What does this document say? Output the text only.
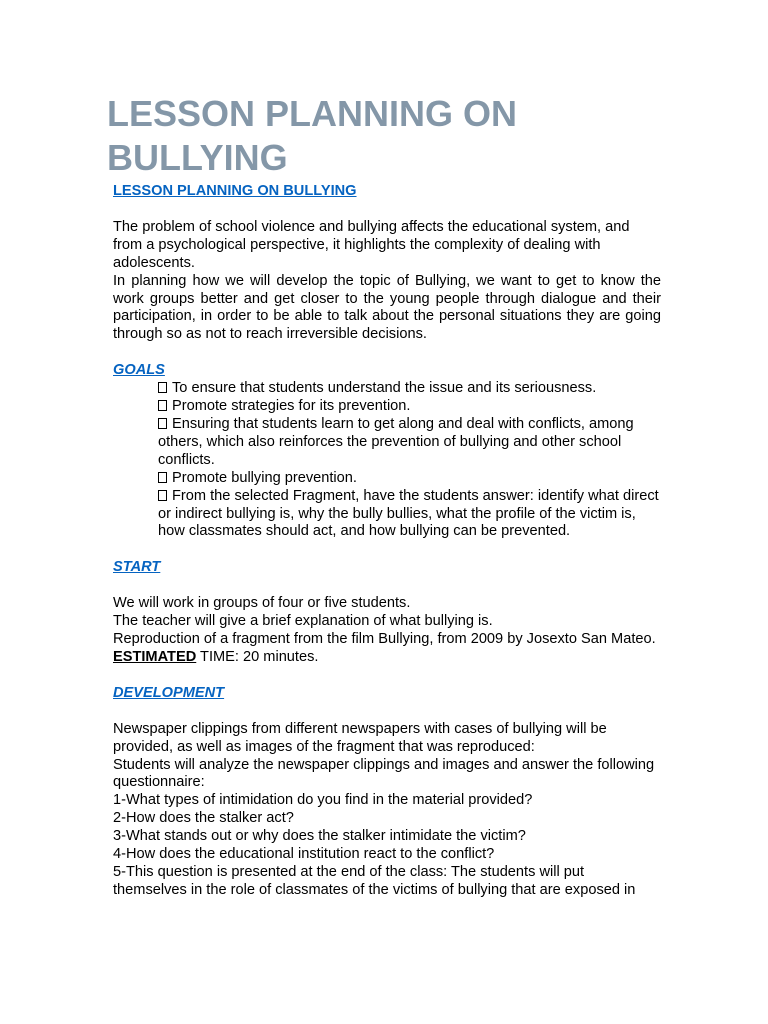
LESSON PLANNING ON BULLYING
LESSON PLANNING ON BULLYING

The problem of school violence and bullying affects the educational system, and from a psychological perspective, it highlights the complexity of dealing with adolescents.

In planning how we will develop the topic of Bullying, we want to get to know the work groups better and get closer to the young people through dialogue and their participation, in order to be able to talk about the personal situations they are going through so as not to reach irreversible decisions.

GOALS

To ensure that students understand the issue and its seriousness.
Promote strategies for its prevention.
Ensuring that students learn to get along and deal with conflicts, among others, which also reinforces the prevention of bullying and other school conflicts.
Promote bullying prevention.
From the selected Fragment, have the students answer: identify what direct or indirect bullying is, why the bully bullies, what the profile of the victim is, how classmates should act, and how bullying can be prevented.

START

We will work in groups of four or five students.

The teacher will give a brief explanation of what bullying is.

Reproduction of a fragment from the film Bullying, from 2009 by Josexto San Mateo.

ESTIMATED TIME: 20 minutes.

DEVELOPMENT

Newspaper clippings from different newspapers with cases of bullying will be provided, as well as images of the fragment that was reproduced:

Students will analyze the newspaper clippings and images and answer the following questionnaire:

1-What types of intimidation do you find in the material provided?

2-How does the stalker act?

3-What stands out or why does the stalker intimidate the victim?

4-How does the educational institution react to the conflict?

5-This question is presented at the end of the class: The students will put themselves in the role of classmates of the victims of bullying that are exposed in
